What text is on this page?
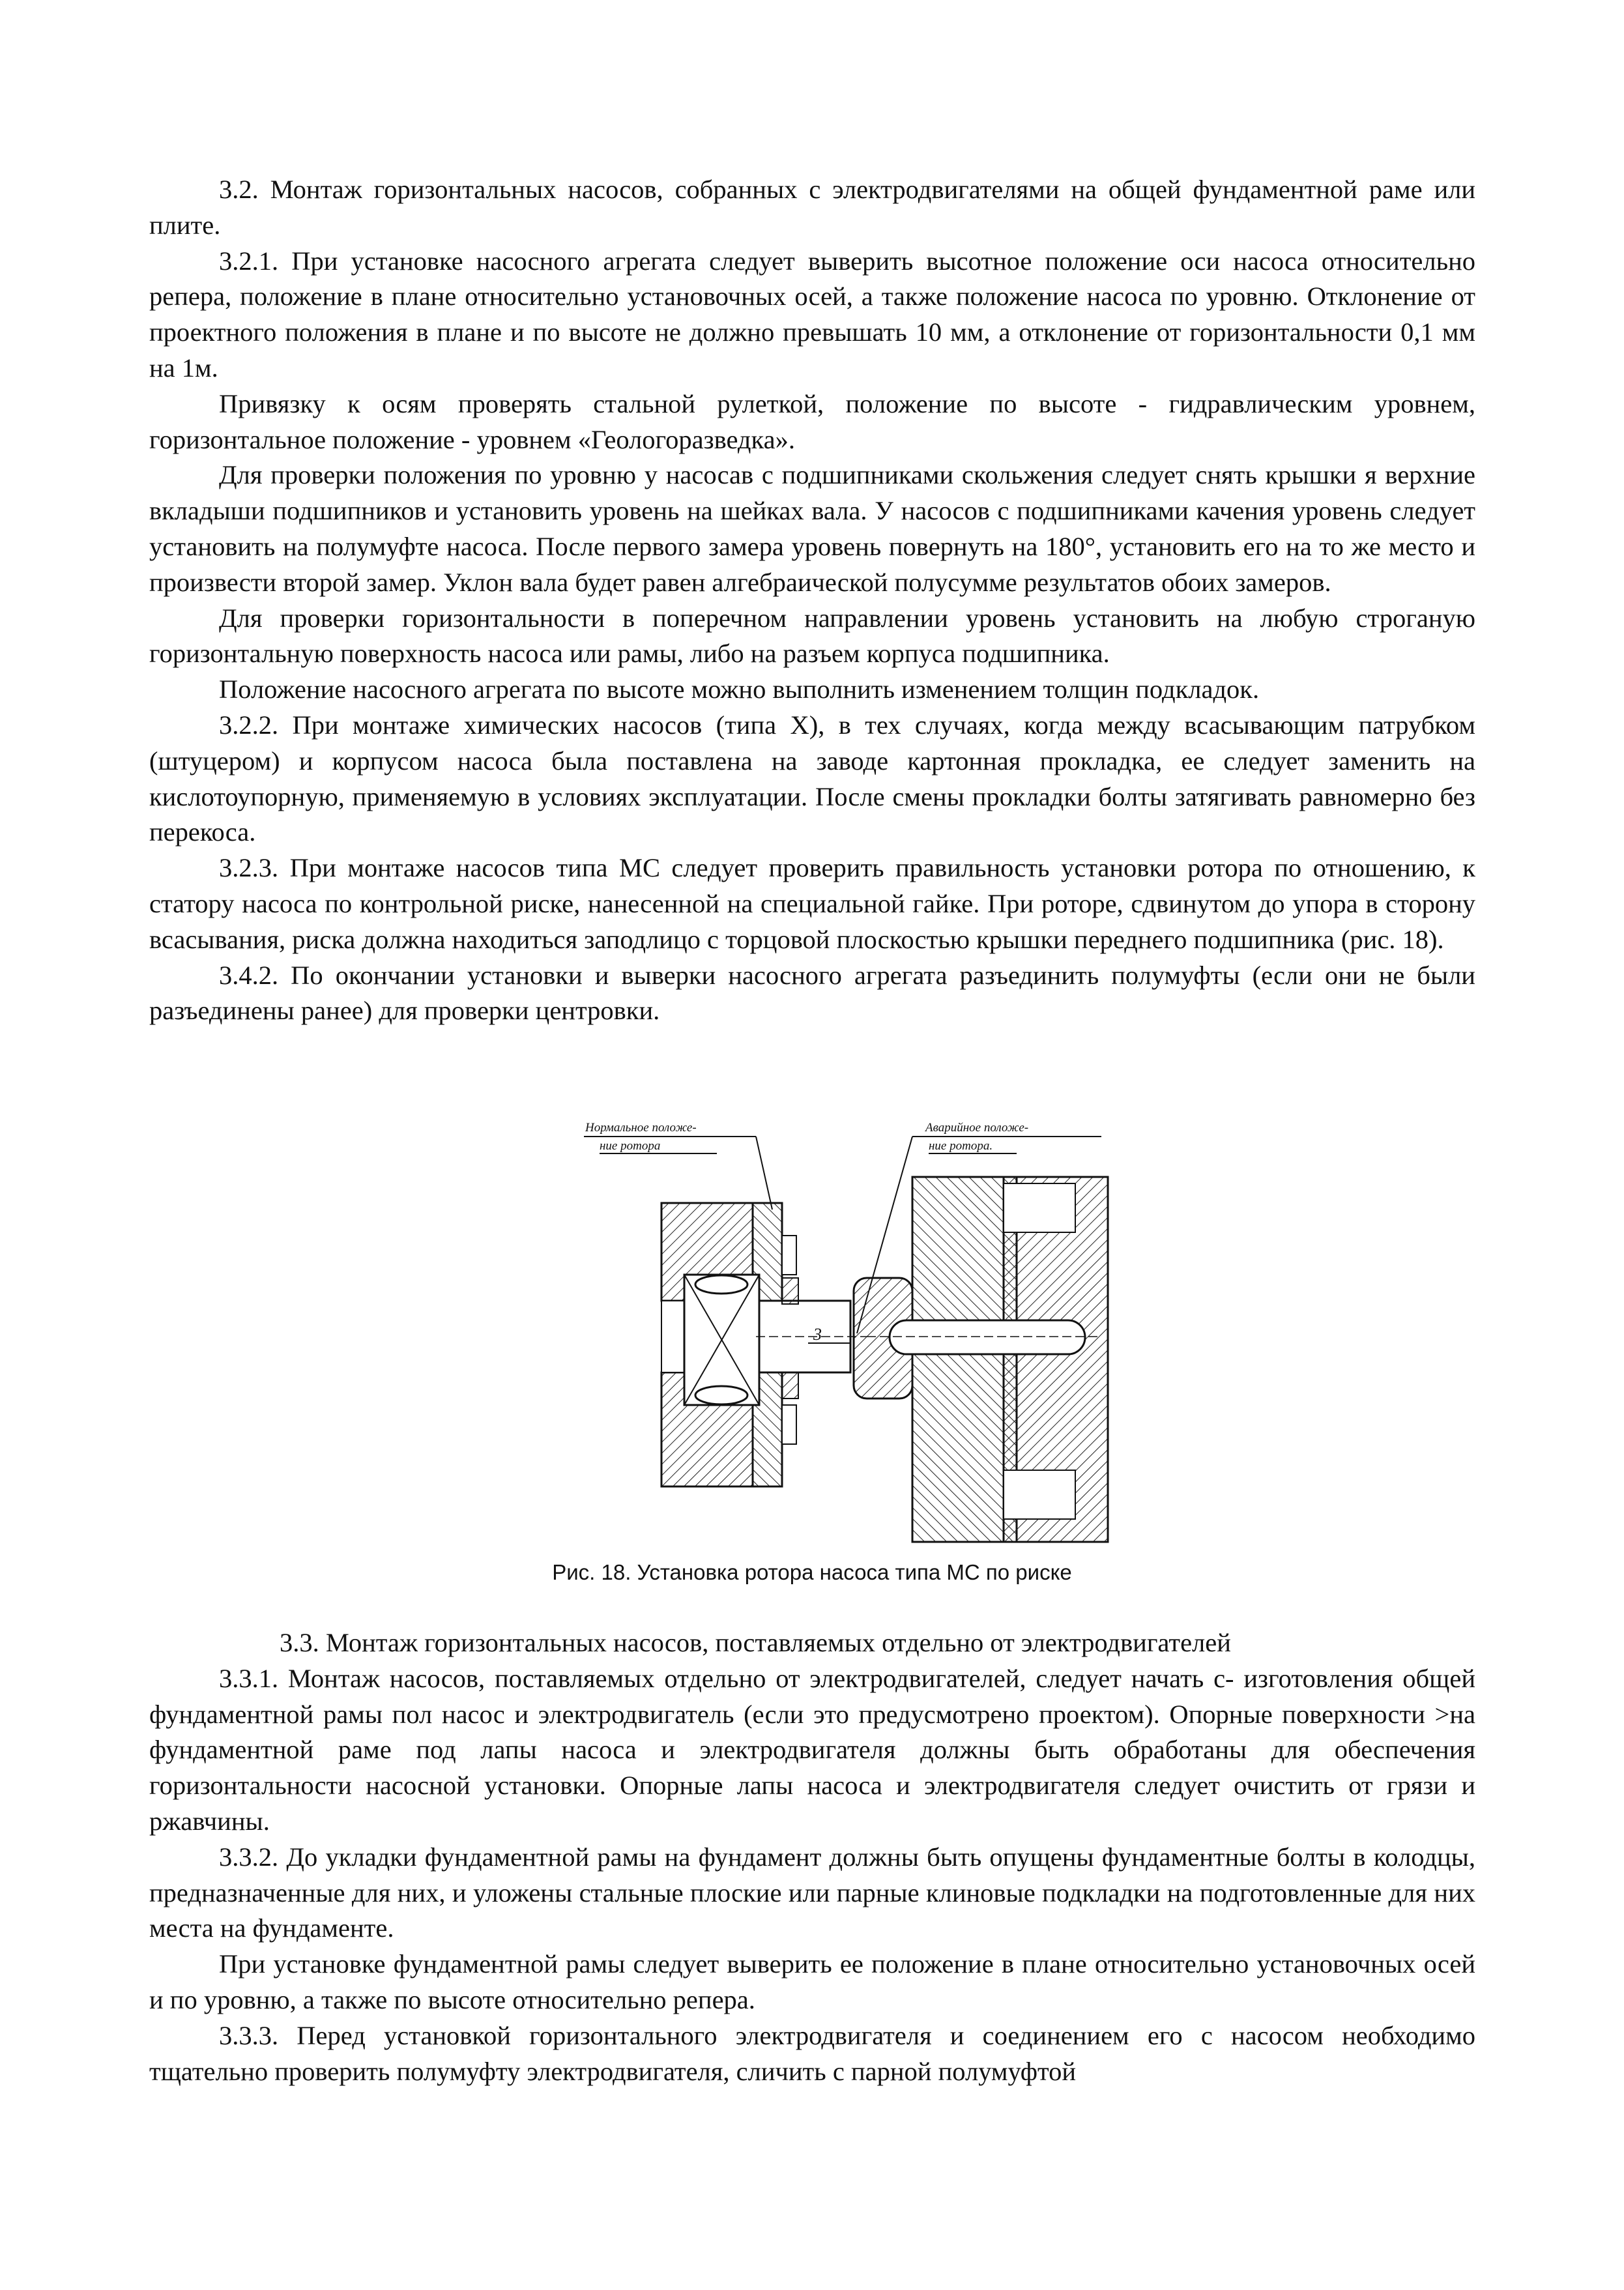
3.2. Монтаж горизонтальных насосов, собранных с электродвигателями на общей фундаментной раме или плите.

3.2.1. При установке насосного агрегата следует выверить высотное положение оси насоса относительно репера, положение в плане относительно установочных осей, а также положение насоса по уровню. Отклонение от проектного положения в плане и по высоте не должно превышать 10 мм, а отклонение от горизонтальности 0,1 мм на 1м.

Привязку к осям проверять стальной рулеткой, положение по высоте - гидравлическим уровнем, горизонтальное положение - уровнем «Геологоразведка».

Для проверки положения по уровню у насосав с подшипниками скольжения следует снять крышки я верхние вкладыши подшипников и установить уровень на шейках вала. У насосов с подшипниками качения уровень следует установить на полумуфте насоса. После первого замера уровень повернуть на 180°, установить его на то же место и произвести второй замер. Уклон вала будет равен алгебраической полусумме результатов обоих замеров.

Для проверки горизонтальности в поперечном направлении уровень установить на любую строганую горизонтальную поверхность насоса или рамы, либо на разъем корпуса подшипника.

Положение насосного агрегата по высоте можно выполнить изменением толщин подкладок.

3.2.2. При монтаже химических насосов (типа X), в тех случаях, когда между всасывающим патрубком (штуцером) и корпусом насоса была поставлена на заводе картонная прокладка, ее следует заменить на кислотоупорную, применяемую в условиях эксплуатации. После смены прокладки болты затягивать равномерно без перекоса.

3.2.3. При монтаже насосов типа МС следует проверить правильность установки ротора по отношению, к статору насоса по контрольной риске, нанесенной на специальной гайке. При роторе, сдвинутом до упора в сторону всасывания, риска должна находиться заподлицо с торцовой плоскостью крышки переднего подшипника (рис. 18).

3.4.2. По окончании установки и выверки насосного агрегата разъединить полумуфты (если они не были разъединены ранее) для проверки центровки.

Нормальное положе-
ние ротора
Аварийное положе-
ние ротора.
3
Рис. 18. Установка ротора насоса типа МС по риске

3.3. Монтаж горизонтальных насосов, поставляемых отдельно от электродвигателей

3.3.1. Монтаж насосов, поставляемых отдельно от электродвигателей, следует начать с- изготовления общей фундаментной рамы пол насос и электродвигатель (если это предусмотрено проектом). Опорные поверхности >на фундаментной раме под лапы насоса и электродвигателя должны быть обработаны для обеспечения горизонтальности насосной установки. Опорные лапы насоса и электродвигателя следует очистить от грязи и ржавчины.

3.3.2. До укладки фундаментной рамы на фундамент должны быть опущены фундаментные болты в колодцы, предназначенные для них, и уложены стальные плоские или парные клиновые подкладки на подготовленные для них места на фундаменте.

При установке фундаментной рамы следует выверить ее положение в плане относительно установочных осей и по уровню, а также по высоте относительно репера.

3.3.3. Перед установкой горизонтального электродвигателя и соединением его с насосом необходимо тщательно проверить полумуфту электродвигателя, сличить с парной полумуфтой
